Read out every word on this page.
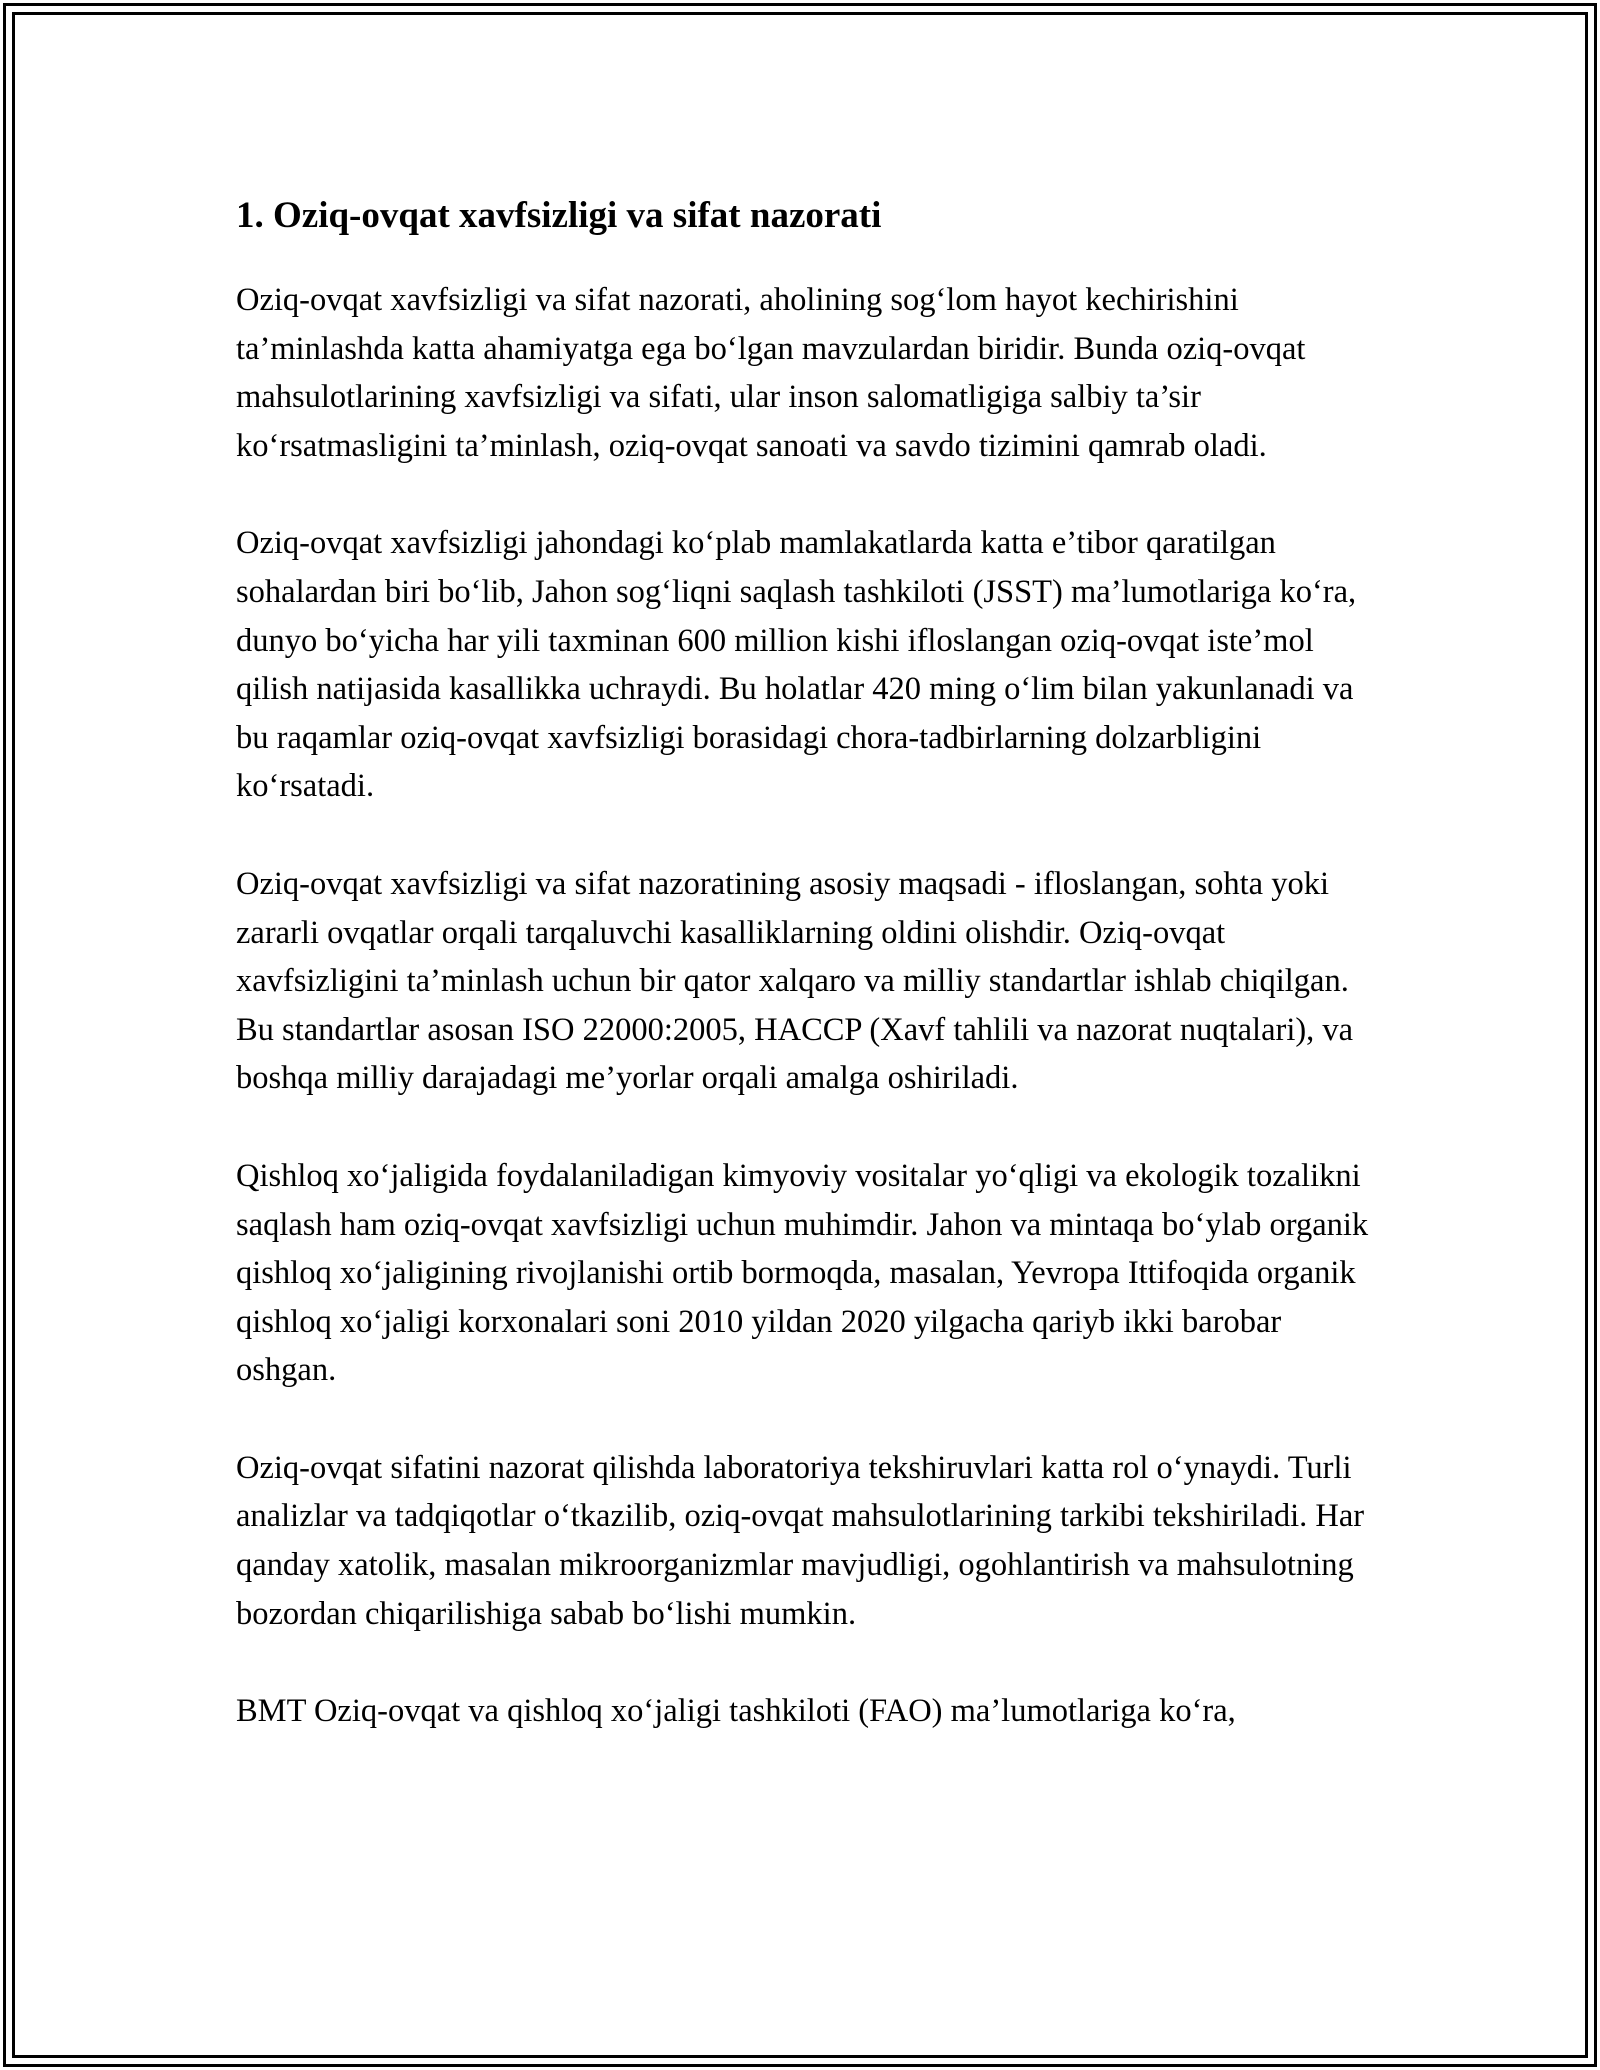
1. Oziq-ovqat xavfsizligi va sifat nazorati

Oziq-ovqat xavfsizligi va sifat nazorati, aholining sog‘lom hayot kechirishini ta’minlashda katta ahamiyatga ega bo‘lgan mavzulardan biridir. Bunda oziq-ovqat mahsulotlarining xavfsizligi va sifati, ular inson salomatligiga salbiy ta’sir ko‘rsatmasligini ta’minlash, oziq-ovqat sanoati va savdo tizimini qamrab oladi.

Oziq-ovqat xavfsizligi jahondagi ko‘plab mamlakatlarda katta e’tibor qaratilgan sohalardan biri bo‘lib, Jahon sog‘liqni saqlash tashkiloti (JSST) ma’lumotlariga ko‘ra, dunyo bo‘yicha har yili taxminan 600 million kishi ifloslangan oziq-ovqat iste’mol qilish natijasida kasallikka uchraydi. Bu holatlar 420 ming o‘lim bilan yakunlanadi va bu raqamlar oziq-ovqat xavfsizligi borasidagi chora-tadbirlarning dolzarbligini ko‘rsatadi.

Oziq-ovqat xavfsizligi va sifat nazoratining asosiy maqsadi - ifloslangan, sohta yoki zararli ovqatlar orqali tarqaluvchi kasalliklarning oldini olishdir. Oziq-ovqat xavfsizligini ta’minlash uchun bir qator xalqaro va milliy standartlar ishlab chiqilgan. Bu standartlar asosan ISO 22000:2005, HACCP (Xavf tahlili va nazorat nuqtalari), va boshqa milliy darajadagi me’yorlar orqali amalga oshiriladi.

Qishloq xo‘jaligida foydalaniladigan kimyoviy vositalar yo‘qligi va ekologik tozalikni saqlash ham oziq-ovqat xavfsizligi uchun muhimdir. Jahon va mintaqa bo‘ylab organik qishloq xo‘jaligining rivojlanishi ortib bormoqda, masalan, Yevropa Ittifoqida organik qishloq xo‘jaligi korxonalari soni 2010 yildan 2020 yilgacha qariyb ikki barobar oshgan.

Oziq-ovqat sifatini nazorat qilishda laboratoriya tekshiruvlari katta rol o‘ynaydi. Turli analizlar va tadqiqotlar o‘tkazilib, oziq-ovqat mahsulotlarining tarkibi tekshiriladi. Har qanday xatolik, masalan mikroorganizmlar mavjudligi, ogohlantirish va mahsulotning bozordan chiqarilishiga sabab bo‘lishi mumkin.

BMT Oziq-ovqat va qishloq xo‘jaligi tashkiloti (FAO) ma’lumotlariga ko‘ra,
